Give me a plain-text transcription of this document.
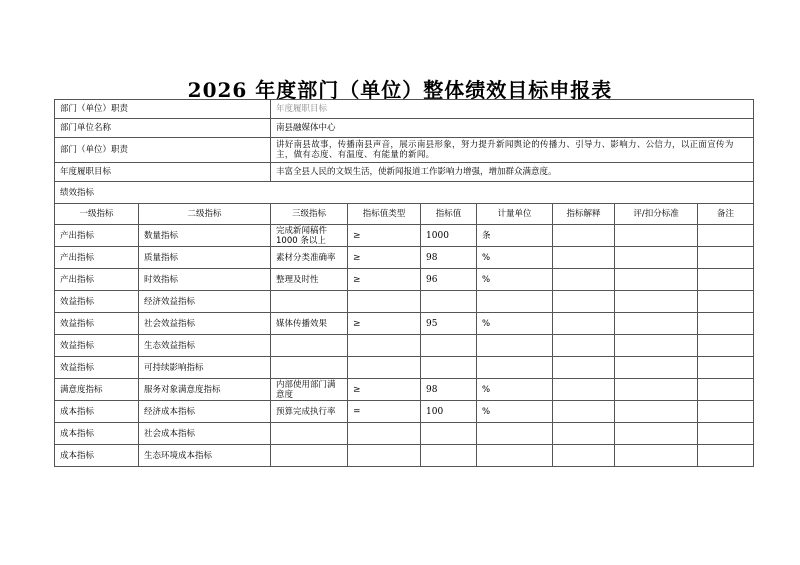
2026 年度部门（单位）整体绩效目标申报表
部门（单位）职责		年度履职目标						
部门单位名称		南县融媒体中心						
部门（单位）职责		讲好南县故事，传播南县声音，展示南县形象，努力提升新闻舆论的传播力、引导力、影响力、公信力，以正面宣传为主，做有态度、有温度、有能量的新闻。						
年度履职目标		丰富全县人民的文娱生活，使新闻报道工作影响力增强，增加群众满意度。						
绩效指标								
一级指标	二级指标	三级指标	指标值类型	指标值	计量单位	指标解释	评/扣分标准	备注
产出指标	数量指标	完成新闻稿件1000 条以上	≥	1000	条			
产出指标	质量指标	素材分类准确率	≥	98	%			
产出指标	时效指标	整理及时性	≥	96	%			
效益指标	经济效益指标							
效益指标	社会效益指标	媒体传播效果	≥	95	%			
效益指标	生态效益指标							
效益指标	可持续影响指标							
满意度指标	服务对象满意度指标	内部使用部门满意度	≥	98	%			
成本指标	经济成本指标	预算完成执行率	=	100	%			
成本指标	社会成本指标							
成本指标	生态环境成本指标							
